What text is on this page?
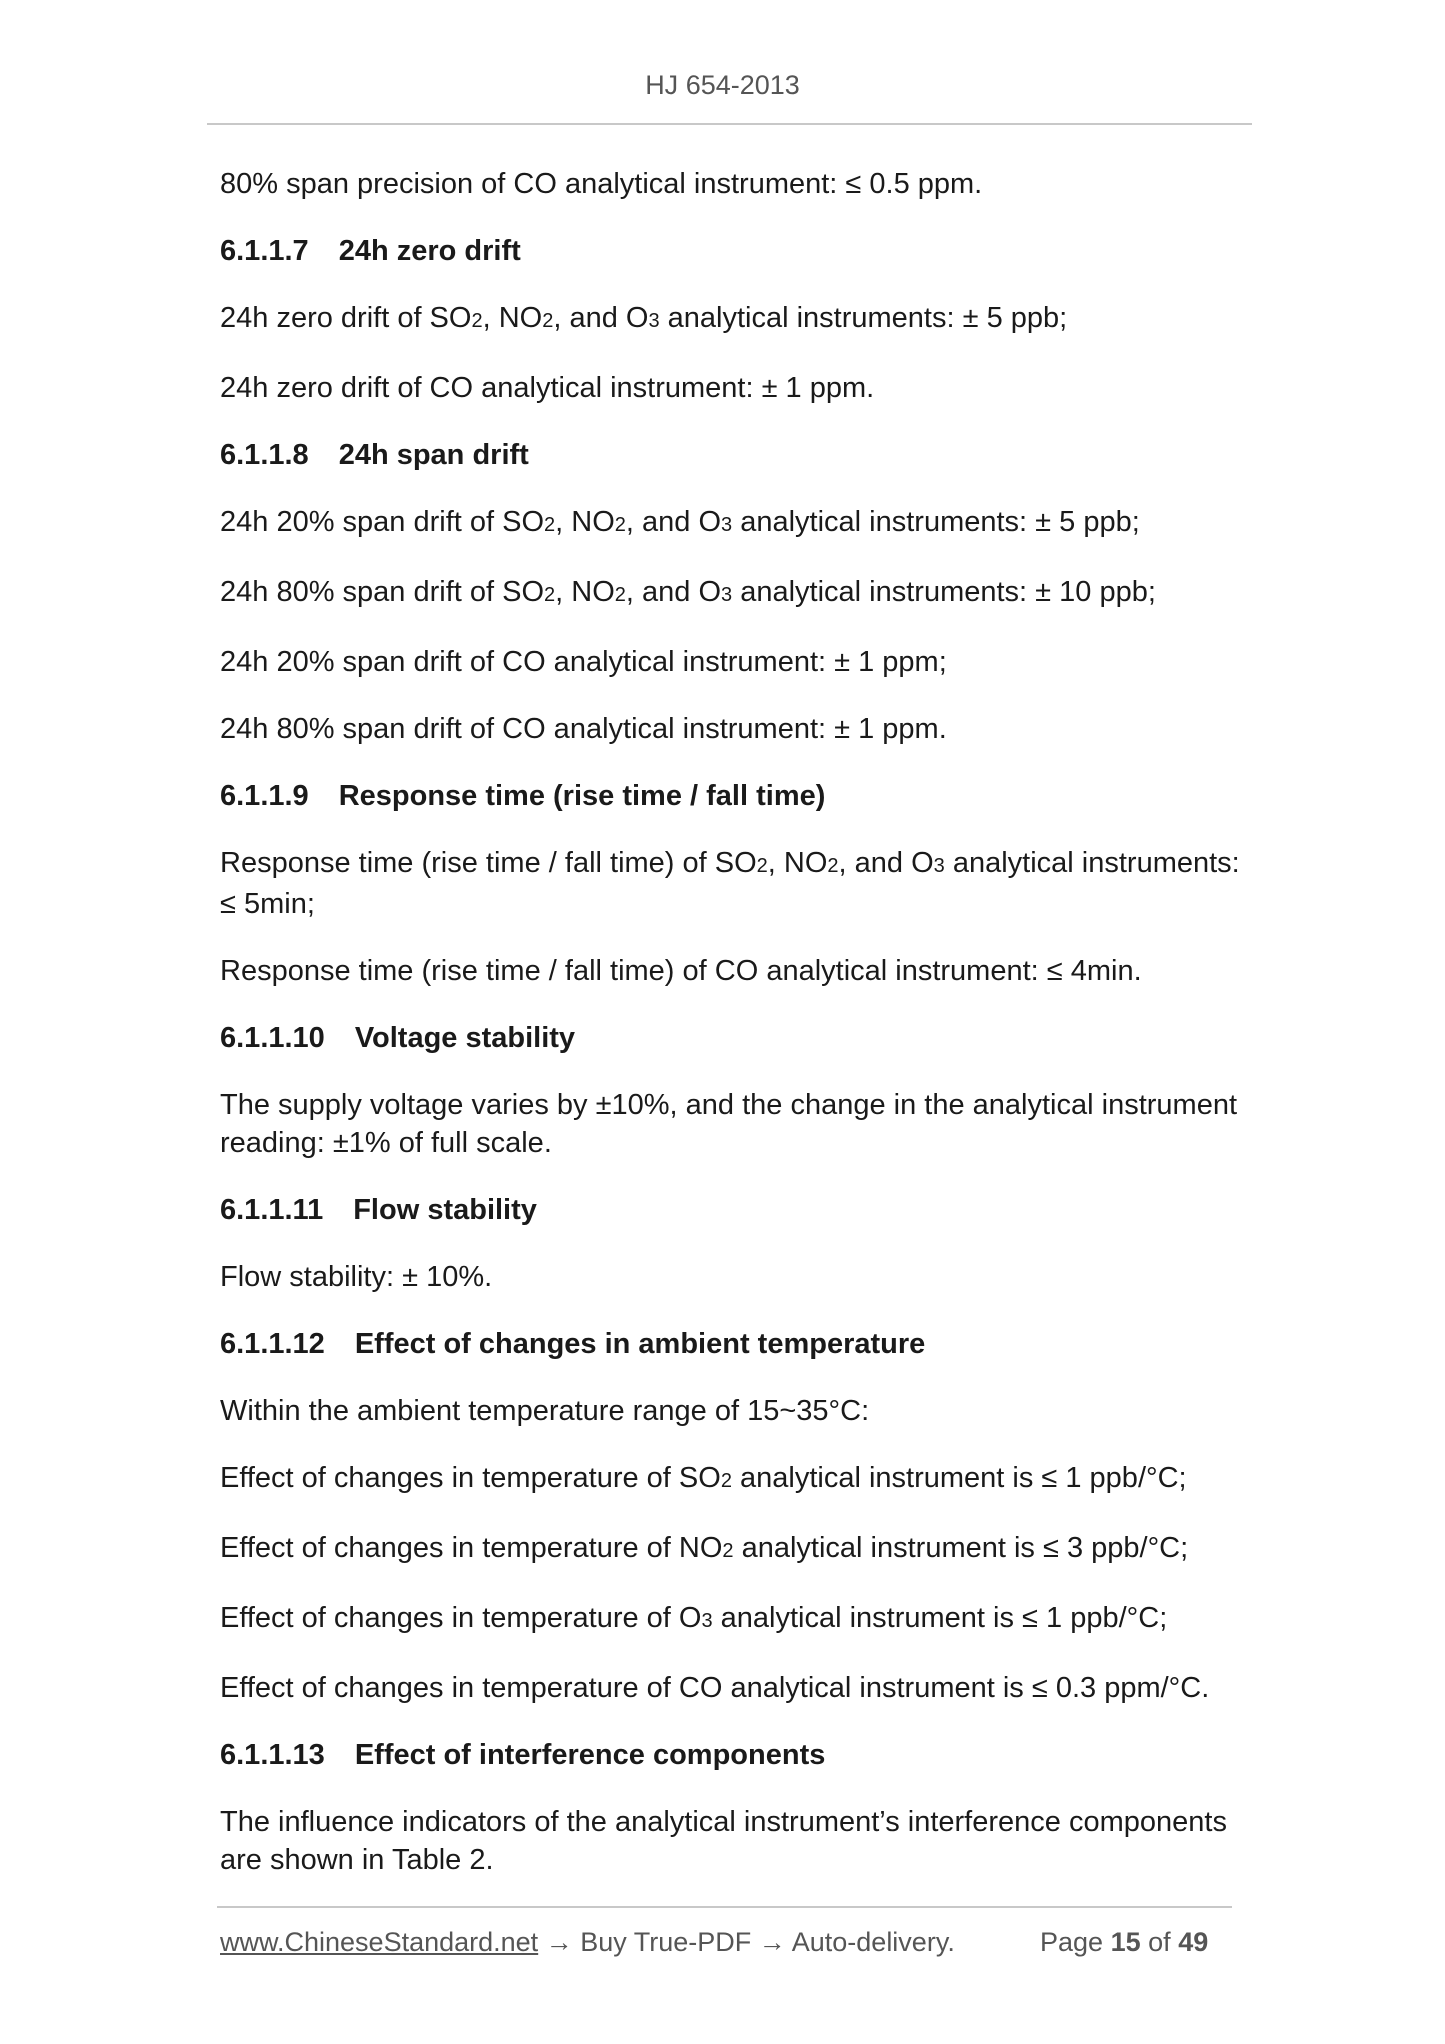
HJ 654-2013
80% span precision of CO analytical instrument: ≤ 0.5 ppm.
6.1.1.7 24h zero drift
24h zero drift of SO2, NO2, and O3 analytical instruments: ± 5 ppb;
24h zero drift of CO analytical instrument: ± 1 ppm.
6.1.1.8 24h span drift
24h 20% span drift of SO2, NO2, and O3 analytical instruments: ± 5 ppb;
24h 80% span drift of SO2, NO2, and O3 analytical instruments: ± 10 ppb;
24h 20% span drift of CO analytical instrument: ± 1 ppm;
24h 80% span drift of CO analytical instrument: ± 1 ppm.
6.1.1.9 Response time (rise time / fall time)
Response time (rise time / fall time) of SO2, NO2, and O3 analytical instruments: ≤ 5min;
Response time (rise time / fall time) of CO analytical instrument: ≤ 4min.
6.1.1.10 Voltage stability
The supply voltage varies by ±10%, and the change in the analytical instrument reading: ±1% of full scale.
6.1.1.11 Flow stability
Flow stability: ± 10%.
6.1.1.12 Effect of changes in ambient temperature
Within the ambient temperature range of 15~35°C:
Effect of changes in temperature of SO2 analytical instrument is ≤ 1 ppb/°C;
Effect of changes in temperature of NO2 analytical instrument is ≤ 3 ppb/°C;
Effect of changes in temperature of O3 analytical instrument is ≤ 1 ppb/°C;
Effect of changes in temperature of CO analytical instrument is ≤ 0.3 ppm/°C.
6.1.1.13 Effect of interference components
The influence indicators of the analytical instrument’s interference components are shown in Table 2.
www.ChineseStandard.net → Buy True-PDF → Auto-delivery.	Page 15 of 49
